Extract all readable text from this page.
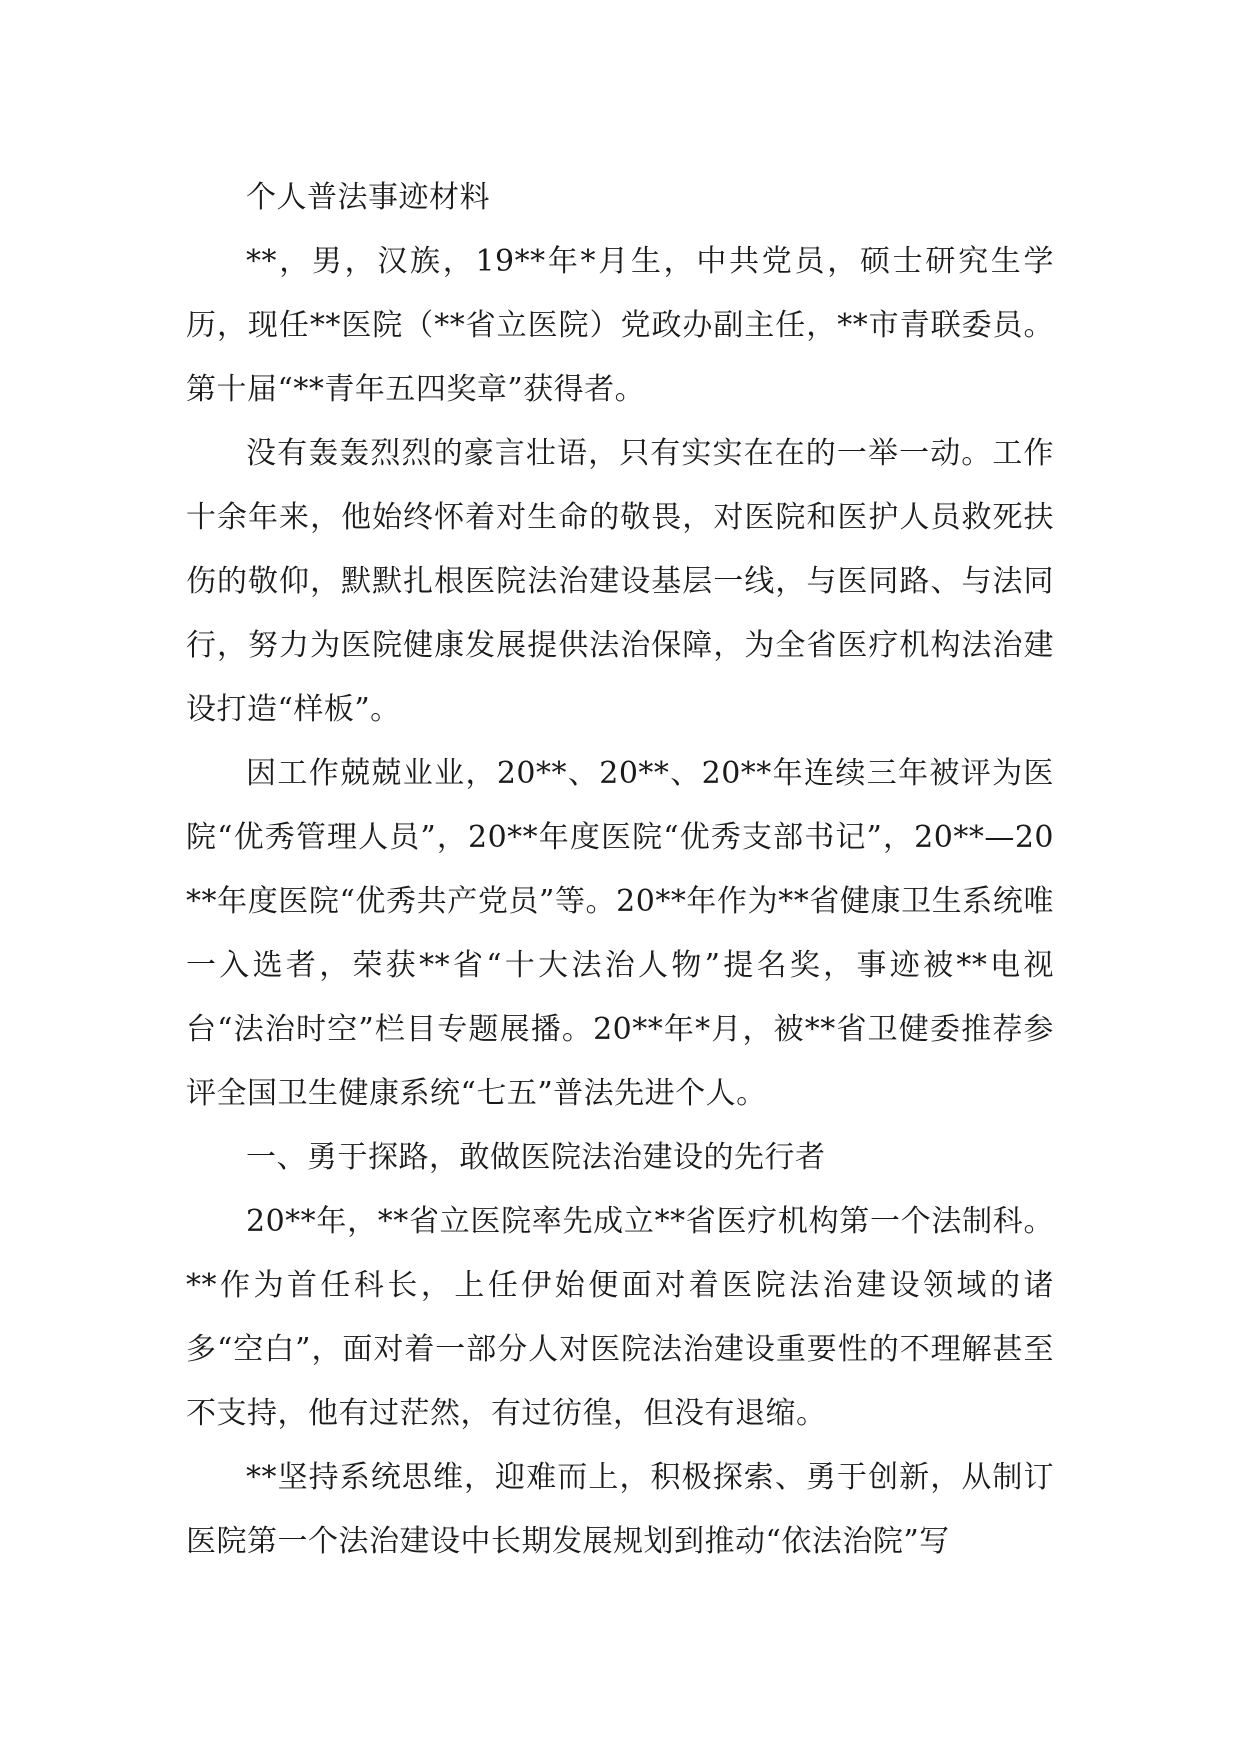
个人普法事迹材料

**，男，汉族，19**年*月生，中共党员，硕士研究生学历，现任**医院（**省立医院）党政办副主任，**市青联委员。第十届“**青年五四奖章”获得者。

没有轰轰烈烈的豪言壮语，只有实实在在的一举一动。工作十余年来，他始终怀着对生命的敬畏，对医院和医护人员救死扶伤的敬仰，默默扎根医院法治建设基层一线，与医同路、与法同行，努力为医院健康发展提供法治保障，为全省医疗机构法治建设打造“样板”。

因工作兢兢业业，20**、20**、20**年连续三年被评为医院“优秀管理人员”，20**年度医院“优秀支部书记”，20**—20**年度医院“优秀共产党员”等。20**年作为**省健康卫生系统唯一入选者，荣获**省“十大法治人物”提名奖，事迹被**电视台“法治时空”栏目专题展播。20**年*月，被**省卫健委推荐参评全国卫生健康系统“七五”普法先进个人。

一、勇于探路，敢做医院法治建设的先行者

20**年，**省立医院率先成立**省医疗机构第一个法制科。**作为首任科长，上任伊始便面对着医院法治建设领域的诸多“空白”，面对着一部分人对医院法治建设重要性的不理解甚至不支持，他有过茫然，有过彷徨，但没有退缩。

**坚持系统思维，迎难而上，积极探索、勇于创新，从制订医院第一个法治建设中长期发展规划到推动“依法治院”写
